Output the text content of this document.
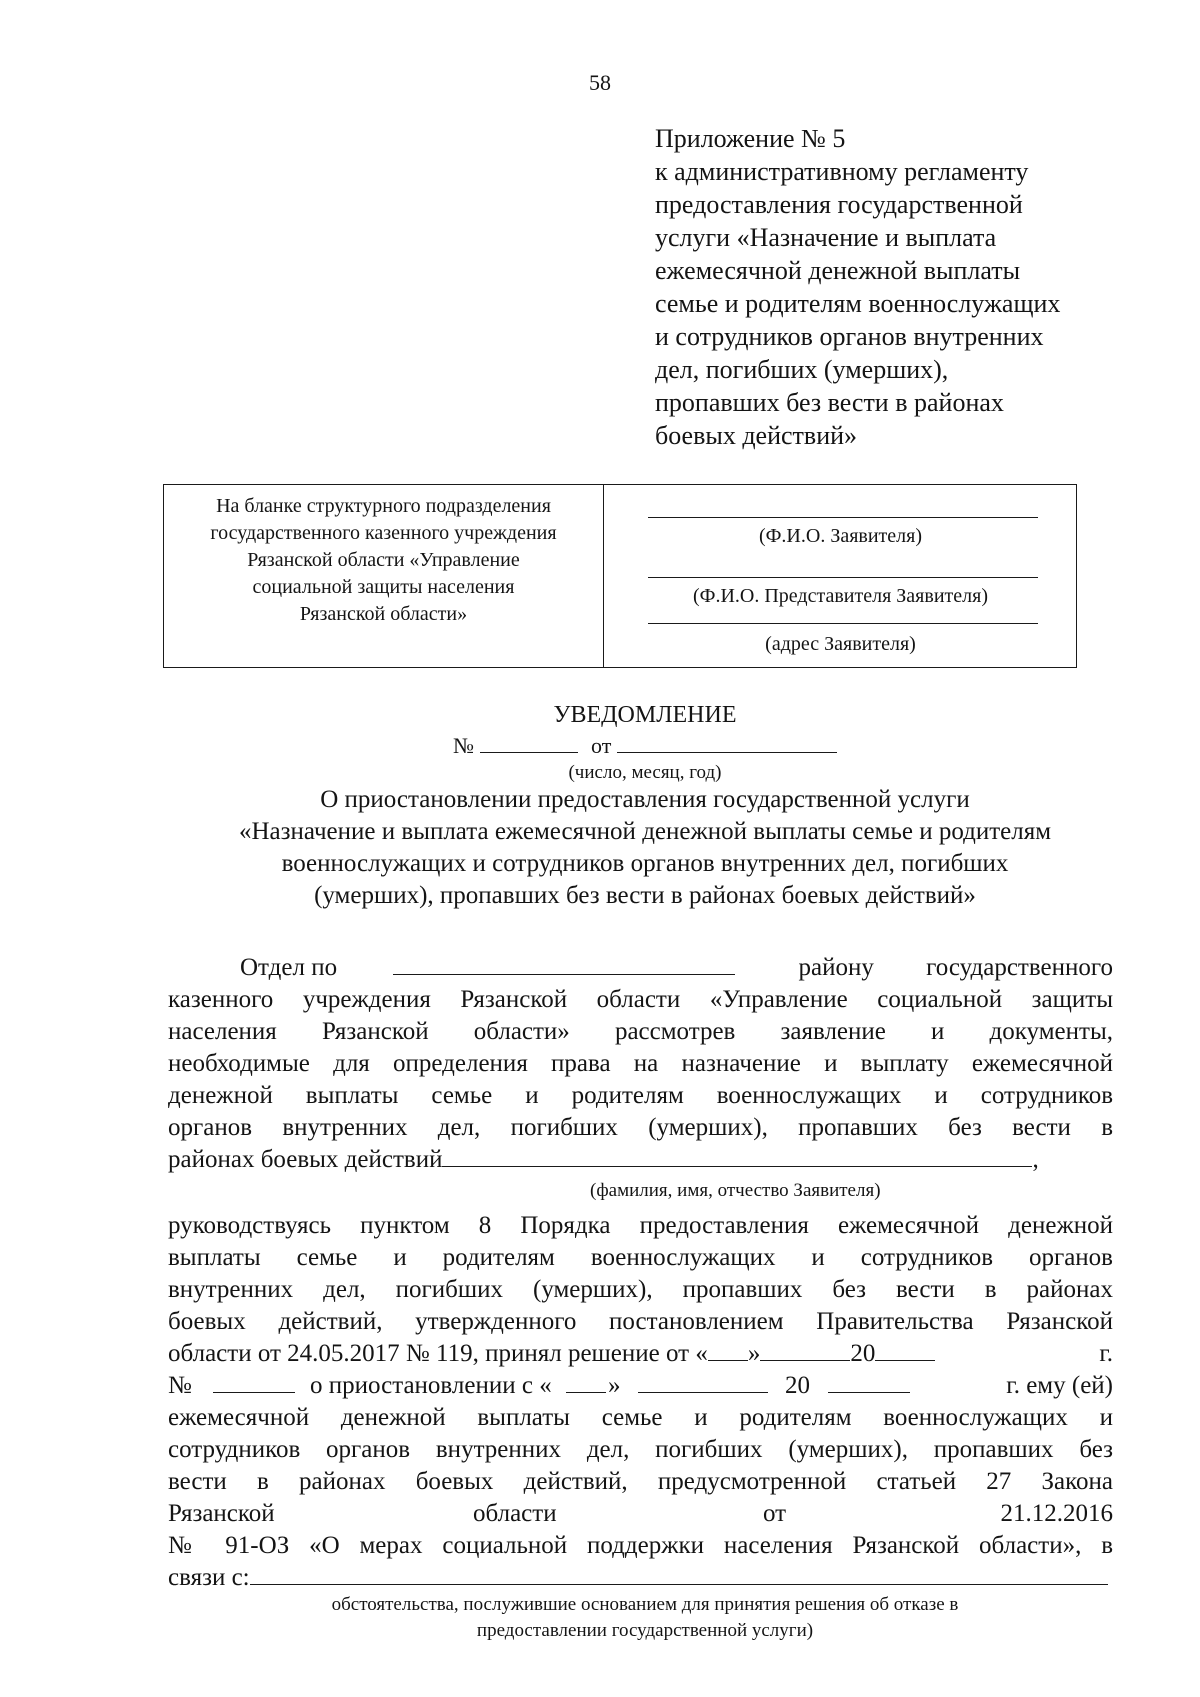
58
Приложение № 5
к административному регламенту
предоставления государственной
услуги «Назначение и выплата
ежемесячной денежной выплаты
семье и родителям военнослужащих
и сотрудников органов внутренних
дел, погибших (умерших),
пропавших без вести в районах
боевых действий»
На бланке структурного подразделения
государственного казенного учреждения
Рязанской области «Управление
социальной защиты населения
Рязанской области»
(Ф.И.О. Заявителя)
(Ф.И.О. Представителя Заявителя)
(адрес Заявителя)
УВЕДОМЛЕНИЕ
№	от
(число, месяц, год)
О приостановлении предоставления государственной услуги
«Назначение и выплата ежемесячной денежной выплаты семье и родителям
военнослужащих и сотрудников органов внутренних дел, погибших
(умерших), пропавших без вести в районах боевых действий»
Отдел по	району государственного
казенного учреждения Рязанской области «Управление социальной защиты
населения Рязанской области» рассмотрев заявление и документы,
необходимые для определения права на назначение и выплату ежемесячной
денежной выплаты семье и родителям военнослужащих и сотрудников
органов внутренних дел, погибших (умерших), пропавших без вести в
районах боевых действий	,
(фамилия, имя, отчество Заявителя)
руководствуясь пунктом 8 Порядка предоставления ежемесячной денежной
выплаты семье и родителям военнослужащих и сотрудников органов
внутренних дел, погибших (умерших), пропавших без вести в районах
боевых действий, утвержденного постановлением Правительства Рязанской
области от 24.05.2017 № 119, принял решение от « »	20	г.
№	о приостановлении с « »	20	г. ему (ей)
ежемесячной денежной выплаты семье и родителям военнослужащих и
сотрудников органов внутренних дел, погибших (умерших), пропавших без
вести в районах боевых действий, предусмотренной статьей 27 Закона
Рязанской	области	от	21.12.2016
№ 91-ОЗ «О мерах социальной поддержки населения Рязанской области», в
связи с:
обстоятельства, послужившие основанием для принятия решения об отказе в
предоставлении государственной услуги)
